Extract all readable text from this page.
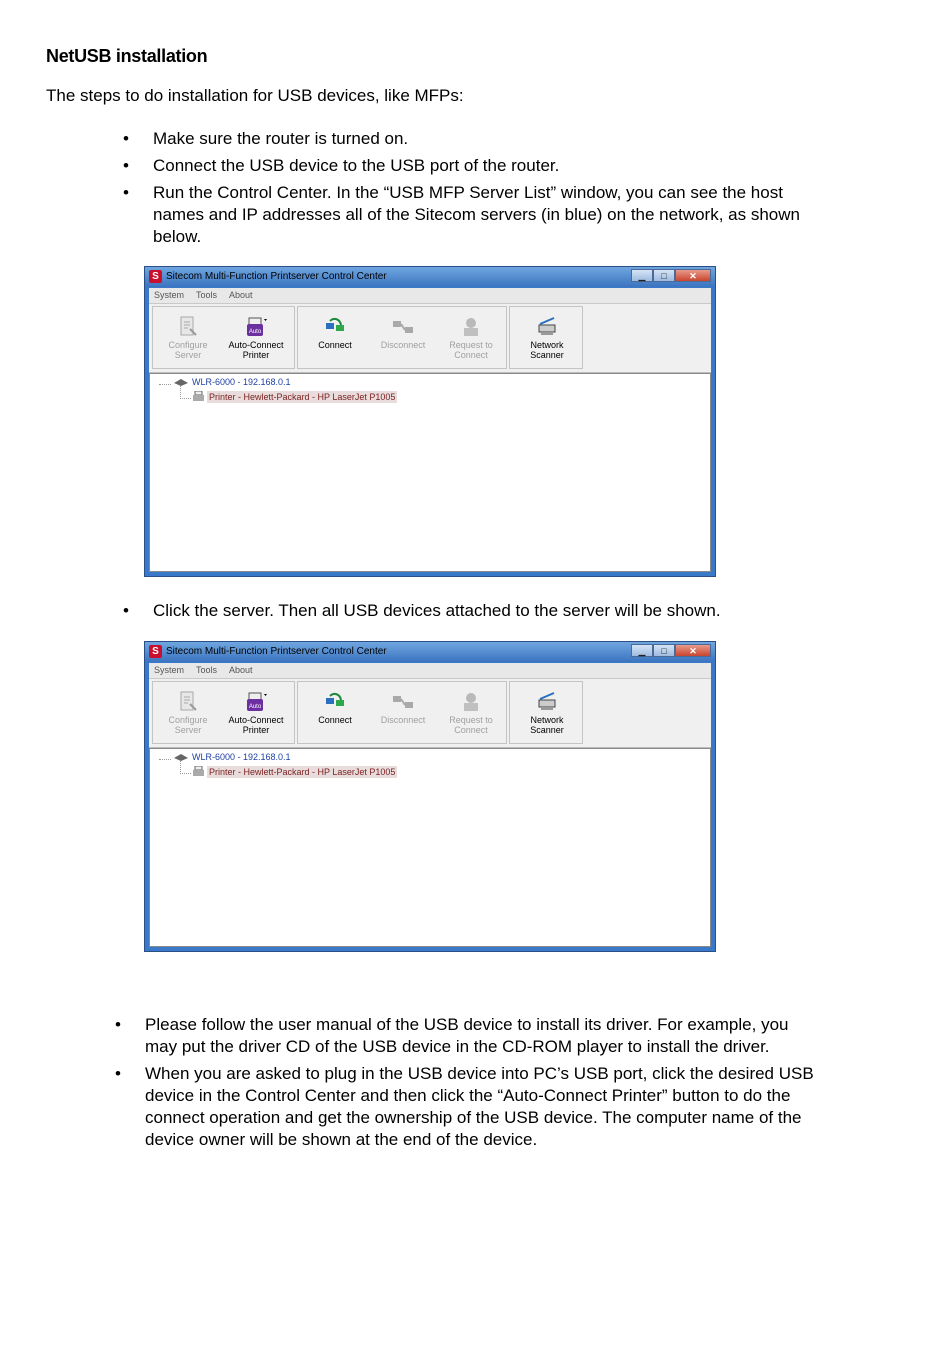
NetUSB installation
The steps to do installation for USB devices, like MFPs:
• Make sure the router is turned on.
• Connect the USB device to the USB port of the router.
• Run the Control Center. In the “USB MFP Server List” window, you can see the host names and IP addresses all of the Sitecom servers (in blue) on the network, as shown below.
S Sitecom Multi-Function Printserver Control Center	▁	□	✕
System Tools About
Configure Server
Auto
Auto-Connect Printer
Connect	Disconnect	Request to Connect
Network Scanner
WLR-6000 - 192.168.0.1
Printer - Hewlett-Packard - HP LaserJet P1005
• Click the server. Then all USB devices attached to the server will be shown.
S Sitecom Multi-Function Printserver Control Center	▁	□	✕
System Tools About
Configure Server
Auto
Auto-Connect Printer
Connect	Disconnect	Request to Connect
Network Scanner
WLR-6000 - 192.168.0.1
Printer - Hewlett-Packard - HP LaserJet P1005
• Please follow the user manual of the USB device to install its driver. For example, you may put the driver CD of the USB device in the CD-ROM player to install the driver.
• When you are asked to plug in the USB device into PC’s USB port, click the desired USB device in the Control Center and then click the “Auto-Connect Printer” button to do the connect operation and get the ownership of the USB device. The computer name of the device owner will be shown at the end of the device.
